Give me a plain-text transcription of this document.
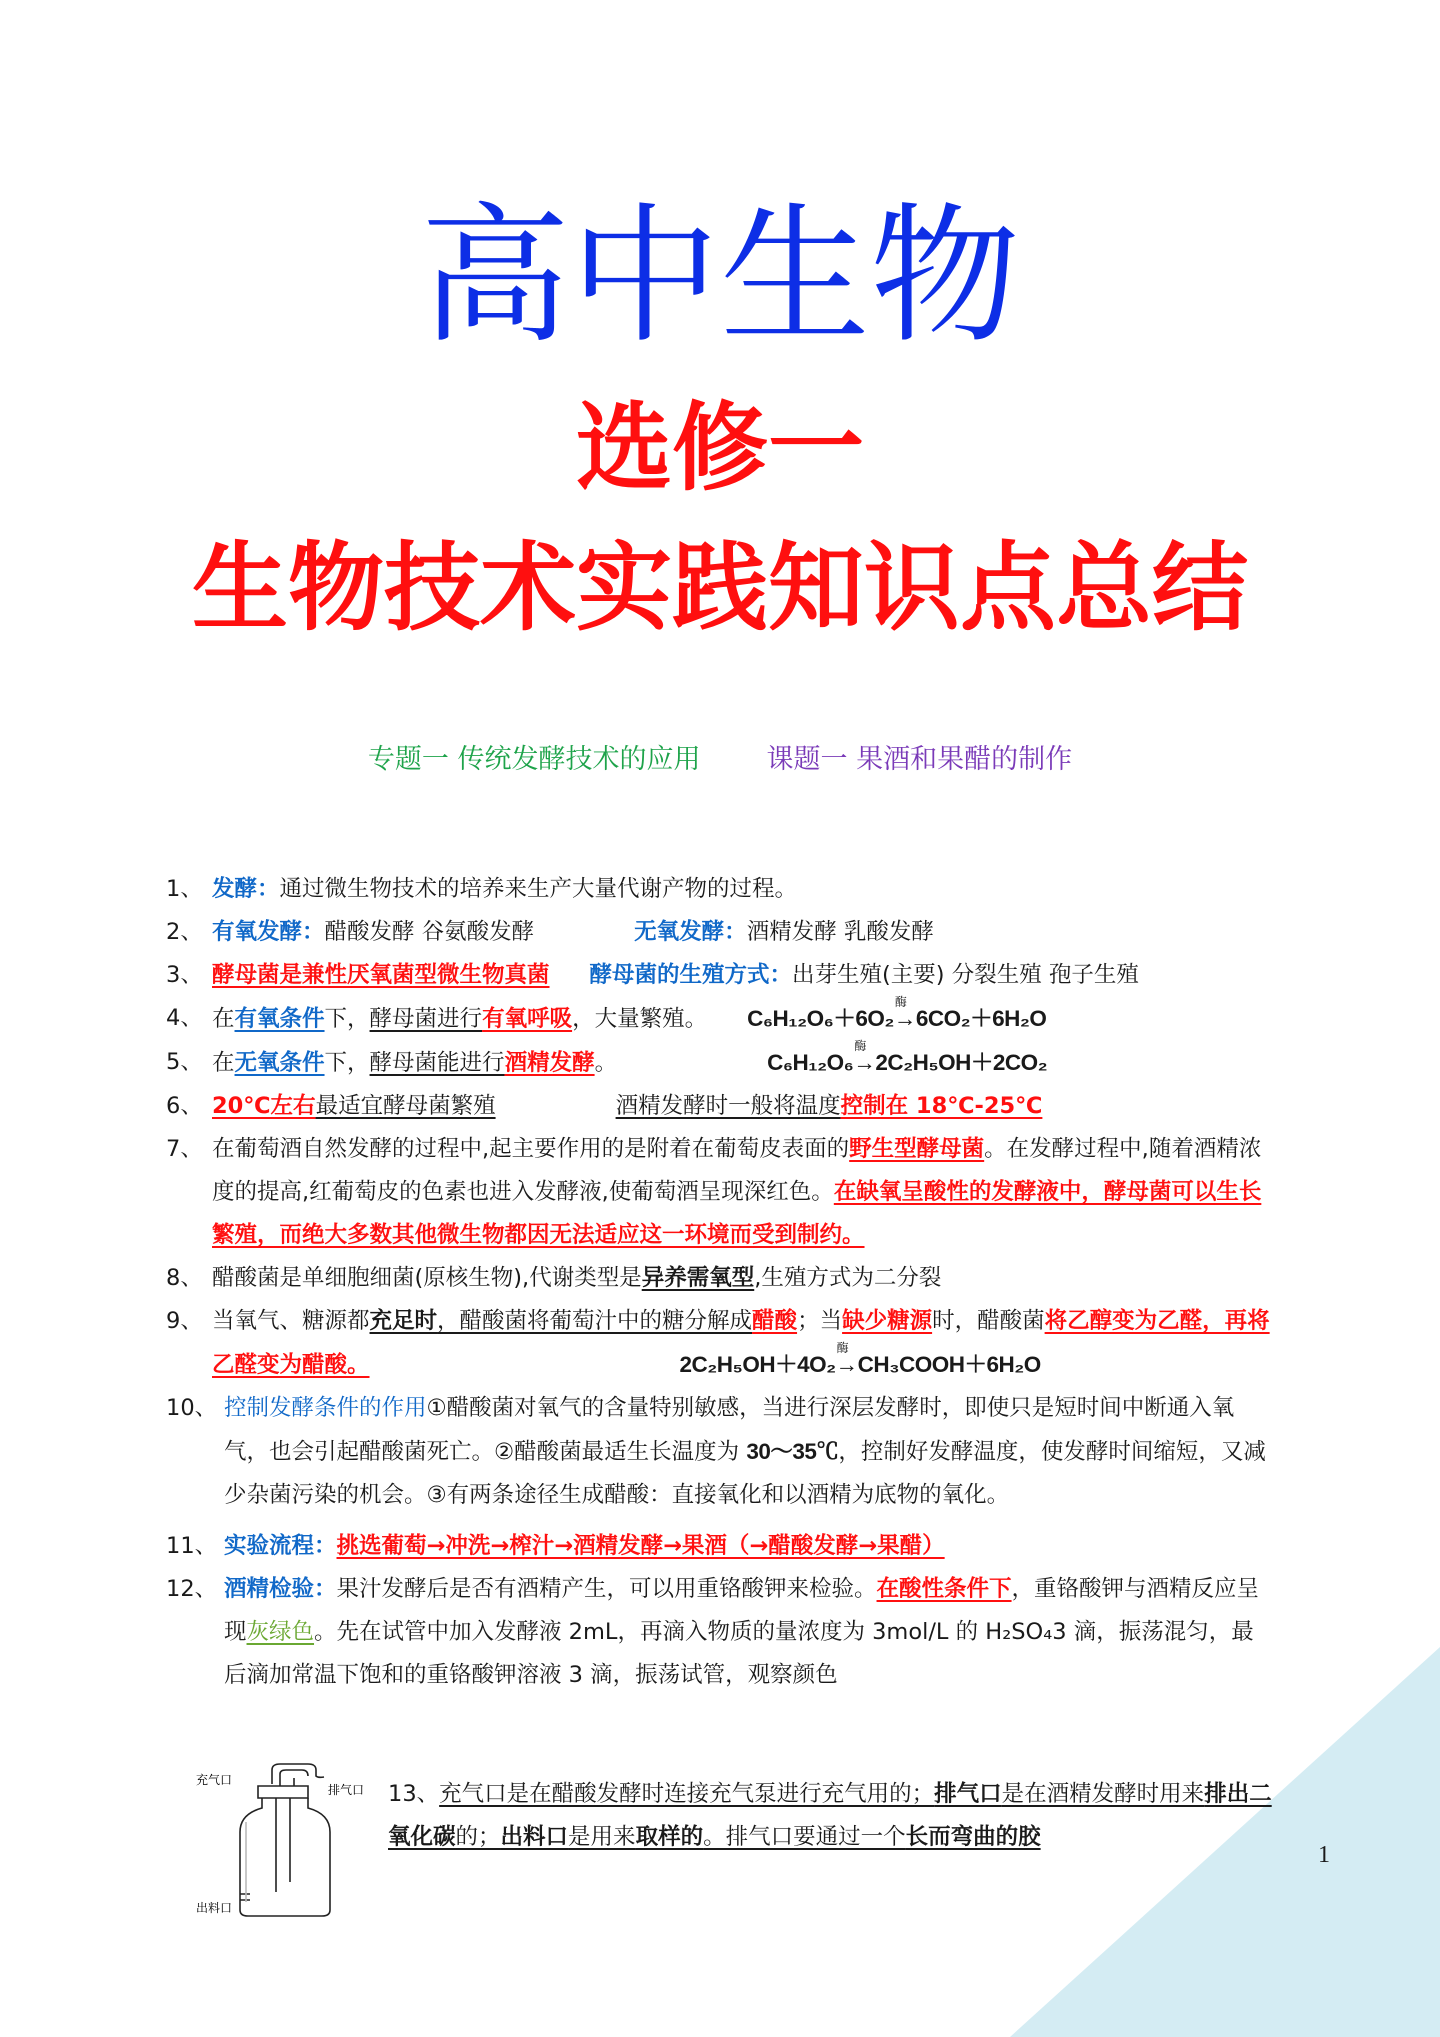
高中生物
选修一
生物技术实践知识点总结
专题一 传统发酵技术的应用 课题一 果酒和果醋的制作
1、 发酵：通过微生物技术的培养来生产大量代谢产物的过程。
2、 有氧发酵：醋酸发酵 谷氨酸发酵	无氧发酵：酒精发酵 乳酸发酵
3、 酵母菌是兼性厌氧菌型微生物真菌 酵母菌的生殖方式：出芽生殖(主要) 分裂生殖 孢子生殖
4、 在有氧条件下，酵母菌进行有氧呼吸，大量繁殖。 C₆H₁₂O₆＋6O₂
酶
→6CO₂＋6H₂O
5、 在无氧条件下，酵母菌能进行酒精发酵。	C₆H₁₂O₆
酶
→2C₂H₅OH＋2CO₂
6、 20℃左右最适宜酵母菌繁殖	酒精发酵时一般将温度控制在 18℃-25℃
7、 在葡萄酒自然发酵的过程中,起主要作用的是附着在葡萄皮表面的野生型酵母菌。在发酵过程中,随着酒精浓度的提高,红葡萄皮的色素也进入发酵液,使葡萄酒呈现深红色。在缺氧呈酸性的发酵液中，酵母菌可以生长繁殖，而绝大多数其他微生物都因无法适应这一环境而受到制约。
8、 醋酸菌是单细胞细菌(原核生物),代谢类型是异养需氧型,生殖方式为二分裂
9、 当氧气、糖源都充足时，醋酸菌将葡萄汁中的糖分解成醋酸；当缺少糖源时，醋酸菌将乙醇变为乙醛，再将乙醛变为醋酸。	2C₂H₅OH＋4O₂
酶
→CH₃COOH＋6H₂O
10、 控制发酵条件的作用①醋酸菌对氧气的含量特别敏感，当进行深层发酵时，即使只是短时间中断通入氧气，也会引起醋酸菌死亡。②醋酸菌最适生长温度为 30～35℃，控制好发酵温度，使发酵时间缩短，又减少杂菌污染的机会。③有两条途径生成醋酸：直接氧化和以酒精为底物的氧化。
11、 实验流程：挑选葡萄→冲洗→榨汁→酒精发酵→果酒（→醋酸发酵→果醋）
12、 酒精检验：果汁发酵后是否有酒精产生，可以用重铬酸钾来检验。在酸性条件下，重铬酸钾与酒精反应呈现灰绿色。先在试管中加入发酵液 2mL，再滴入物质的量浓度为 3mol/L 的 H₂SO₄3 滴，振荡混匀，最后滴加常温下饱和的重铬酸钾溶液 3 滴，振荡试管，观察颜色
充气口
排气口
出料口
13、充气口是在醋酸发酵时连接充气泵进行充气用的；排气口是在酒精发酵时用来排出二氧化碳的；出料口是用来取样的。排气口要通过一个长而弯曲的胶
1
